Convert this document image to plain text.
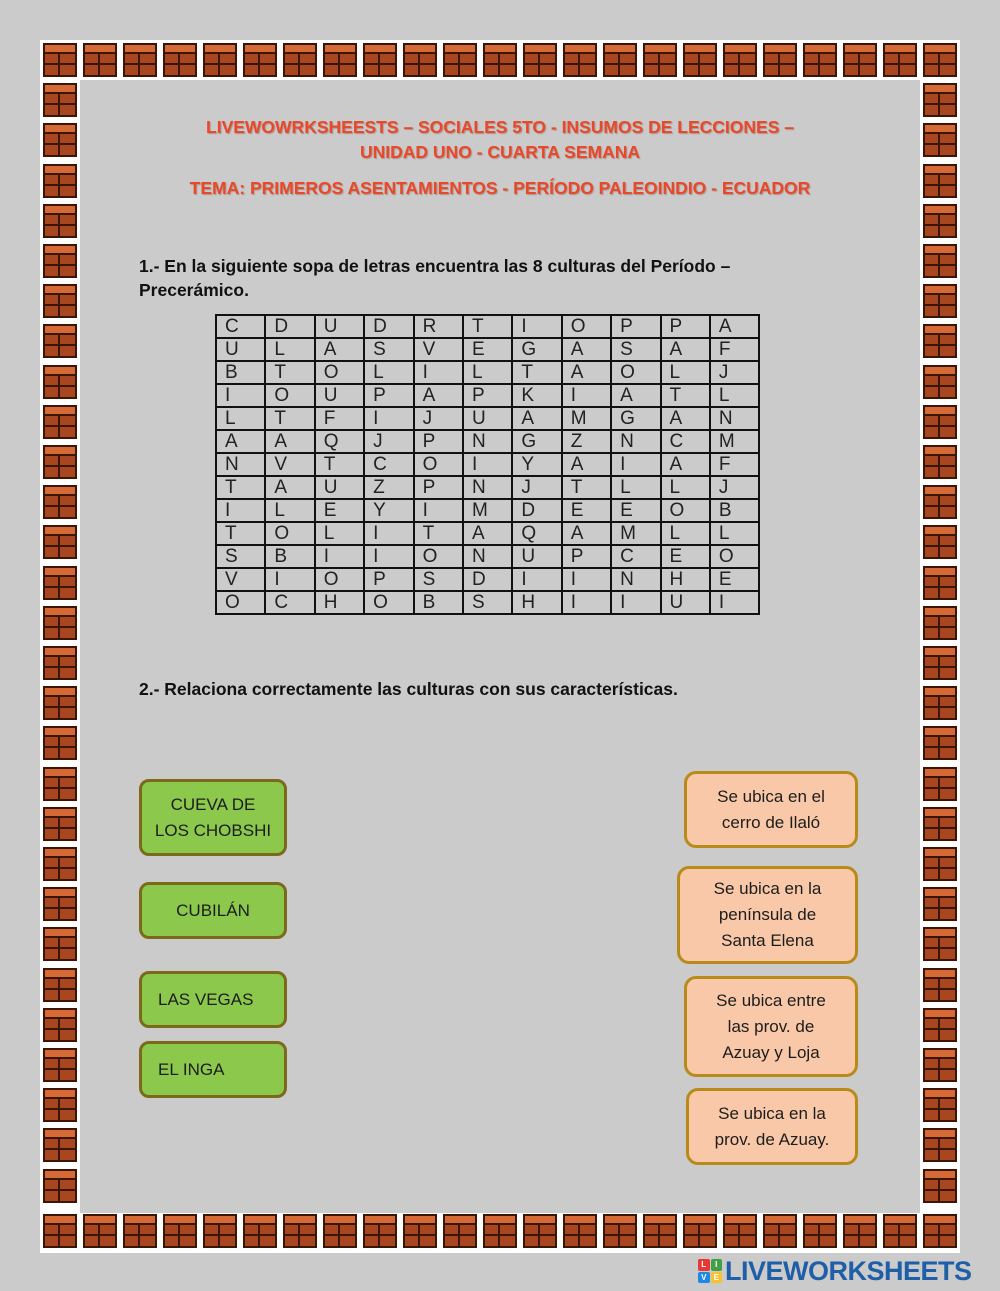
LIVEWOWRKSHEESTS – SOCIALES 5TO - INSUMOS DE LECCIONES –
UNIDAD UNO - CUARTA SEMANA
TEMA: PRIMEROS ASENTAMIENTOS - PERÍODO PALEOINDIO - ECUADOR
1.- En la siguiente sopa de letras encuentra las 8 culturas del Período –
Precerámico.
C	D	U	D	R	T	I	O	P	P	A
U	L	A	S	V	E	G	A	S	A	F
B	T	O	L	I	L	T	A	O	L	J
I	O	U	P	A	P	K	I	A	T	L
L	T	F	I	J	U	A	M	G	A	N
A	A	Q	J	P	N	G	Z	N	C	M
N	V	T	C	O	I	Y	A	I	A	F
T	A	U	Z	P	N	J	T	L	L	J
I	L	E	Y	I	M	D	E	E	O	B
T	O	L	I	T	A	Q	A	M	L	L
S	B	I	I	O	N	U	P	C	E	O
V	I	O	P	S	D	I	I	N	H	E
O	C	H	O	B	S	H	I	I	U	I
2.- Relaciona correctamente las culturas con sus características.
CUEVA DE
LOS CHOBSHI
CUBILÁN
LAS VEGAS
EL INGA
Se ubica en el
cerro de Ilaló
Se ubica en la
península de
Santa Elena
Se ubica entre
las prov. de
Azuay y Loja
Se ubica en la
prov. de Azuay.
L	I
V E LIVEWORKSHEETS
